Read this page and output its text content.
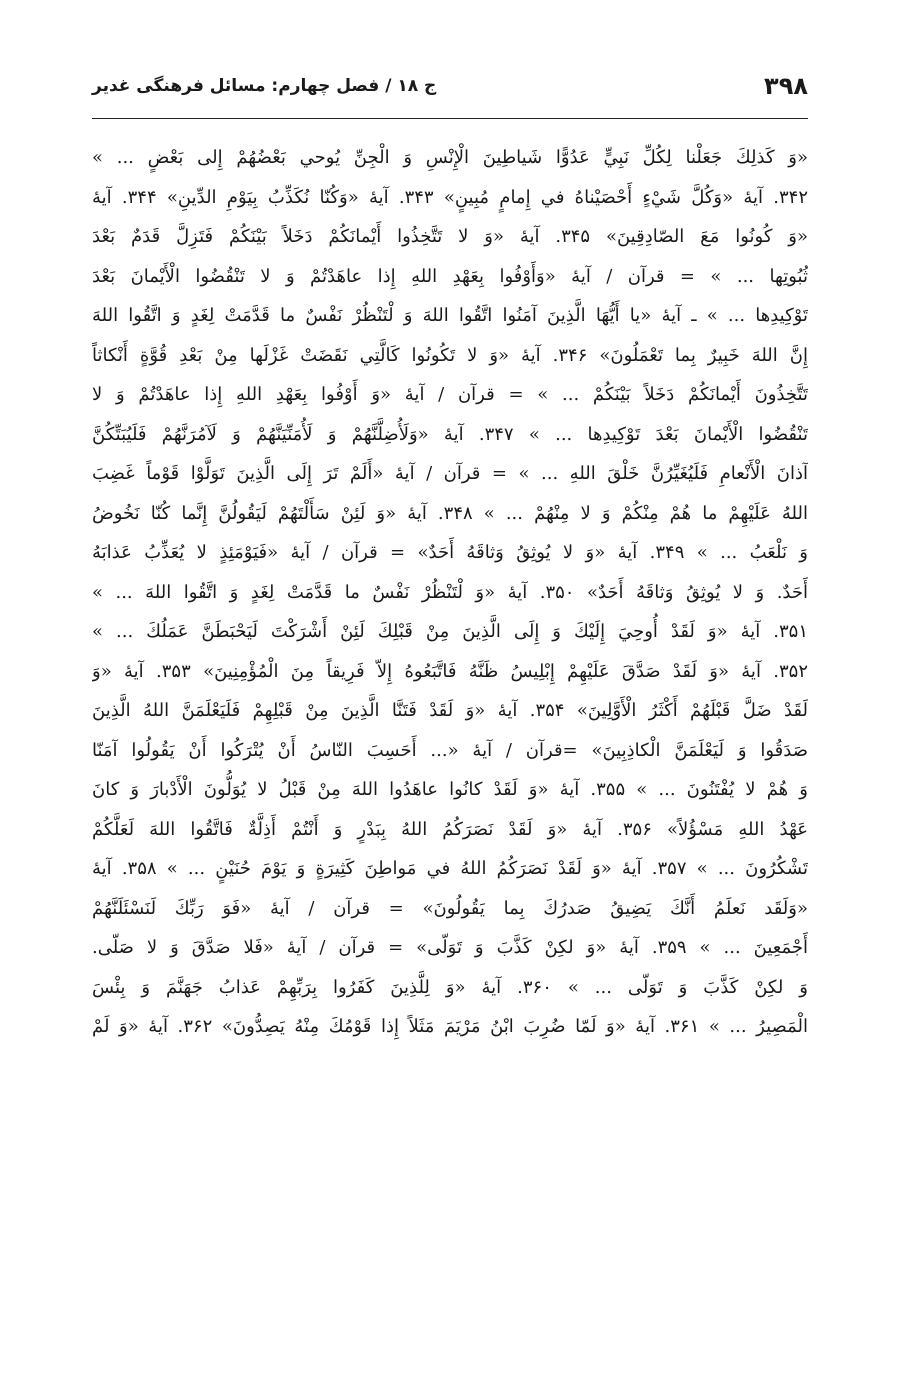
۳۹۸
ج ۱۸ / فصل چهارم: مسائل فرهنگی غدیر
«وَ كَذلِكَ جَعَلْنا لِكُلِّ نَبِيٍّ عَدُوًّا شَياطِينَ الْإِنْسِ وَ الْجِنِّ يُوحي بَعْضُهُمْ إِلى بَعْضٍ ... »
۳۴۲. آيهٔ «وَكُلَّ شَيْءٍ أَحْصَيْناهُ في إِمامٍ مُبِينٍ» ۳۴۳. آيهٔ «وَكُنّا نُكَذِّبُ بِيَوْمِ الدِّينِ» ۳۴۴. آيهٔ
«وَ كُونُوا مَعَ الصّادِقِينَ» ۳۴۵. آيهٔ «وَ لا تَتَّخِذُوا أَيْمانَكُمْ دَخَلاً بَيْنَكُمْ فَتَزِلَّ قَدَمٌ بَعْدَ
ثُبُوتِها ... » = قرآن / آيهٔ «وَأَوْفُوا بِعَهْدِ اللهِ إِذا عاهَدْتُمْ وَ لا تَنْقُضُوا الْأَيْمانَ بَعْدَ
تَوْكِيدِها ... » ـ آيهٔ «يا أَيُّهَا الَّذِينَ آمَنُوا اتَّقُوا اللهَ وَ لْتَنْظُرْ نَفْسٌ ما قَدَّمَتْ لِغَدٍ وَ اتَّقُوا اللهَ
إِنَّ اللهَ خَبِيرٌ بِما تَعْمَلُونَ» ۳۴۶. آيهٔ «وَ لا تَكُونُوا كَالَّتِي نَقَضَتْ غَزْلَها مِنْ بَعْدِ قُوَّةٍ أَنْكاثاً
تَتَّخِذُونَ أَيْمانَكُمْ دَخَلاً بَيْنَكُمْ ... » = قرآن / آيهٔ «وَ أَوْفُوا بِعَهْدِ اللهِ إِذا عاهَدْتُمْ وَ لا
تَنْقُضُوا الْأَيْمانَ بَعْدَ تَوْكِيدِها ... » ۳۴۷. آيهٔ «وَلَأُضِلَّنَّهُمْ وَ لَأُمَنِّيَنَّهُمْ وَ لَآمُرَنَّهُمْ فَلَيُبَتِّكُنَّ
آذانَ الْأَنْعامِ فَلَيُغَيِّرُنَّ خَلْقَ اللهِ ... » = قرآن / آيهٔ «أَلَمْ تَرَ إِلَى الَّذِينَ تَوَلَّوْا قَوْماً غَضِبَ
اللهُ عَلَيْهِمْ ما هُمْ مِنْكُمْ وَ لا مِنْهُمْ ... » ۳۴۸. آيهٔ «وَ لَئِنْ سَأَلْتَهُمْ لَيَقُولُنَّ إِنَّما كُنّا نَخُوضُ
وَ نَلْعَبُ ... » ۳۴۹. آيهٔ «وَ لا يُوثِقُ وَثاقَهُ أَحَدٌ» = قرآن / آيهٔ «فَيَوْمَئِذٍ لا يُعَذِّبُ عَذابَهُ
أَحَدٌ. وَ لا يُوثِقُ وَثاقَهُ أَحَدٌ» ۳۵۰. آيهٔ «وَ لْتَنْظُرْ نَفْسٌ ما قَدَّمَتْ لِغَدٍ وَ اتَّقُوا اللهَ ... »
۳۵۱. آيهٔ «وَ لَقَدْ أُوحِيَ إِلَيْكَ وَ إِلَى الَّذِينَ مِنْ قَبْلِكَ لَئِنْ أَشْرَكْتَ لَيَحْبَطَنَّ عَمَلُكَ ... »
۳۵۲. آيهٔ «وَ لَقَدْ صَدَّقَ عَلَيْهِمْ إِبْلِيسُ ظَنَّهُ فَاتَّبَعُوهُ إِلاّ فَرِيقاً مِنَ الْمُؤْمِنِينَ» ۳۵۳. آيهٔ «وَ
لَقَدْ ضَلَّ قَبْلَهُمْ أَكْثَرُ الْأَوَّلِينَ» ۳۵۴. آيهٔ «وَ لَقَدْ فَتَنَّا الَّذِينَ مِنْ قَبْلِهِمْ فَلَيَعْلَمَنَّ اللهُ الَّذِينَ
صَدَقُوا وَ لَيَعْلَمَنَّ الْكاذِبِينَ» =قرآن / آيهٔ «... أَحَسِبَ النّاسُ أَنْ يُتْرَكُوا أَنْ يَقُولُوا آمَنّا
وَ هُمْ لا يُفْتَنُونَ ... » ۳۵۵. آيهٔ «وَ لَقَدْ كانُوا عاهَدُوا اللهَ مِنْ قَبْلُ لا يُوَلُّونَ الْأَدْبارَ وَ كانَ
عَهْدُ اللهِ مَسْؤُلاً» ۳۵۶. آيهٔ «وَ لَقَدْ نَصَرَكُمُ اللهُ بِبَدْرٍ وَ أَنْتُمْ أَذِلَّةٌ فَاتَّقُوا اللهَ لَعَلَّكُمْ
تَشْكُرُونَ ... » ۳۵۷. آيهٔ «وَ لَقَدْ نَصَرَكُمُ اللهُ في مَواطِنَ كَثِيرَةٍ وَ يَوْمَ حُنَيْنٍ ... » ۳۵۸. آيهٔ
«وَلَقَد نَعلَمُ أَنَّكَ يَضِيقُ صَدرُكَ بِما يَقُولُونَ» = قرآن / آيهٔ «فَوَ رَبِّكَ لَنَسْئَلَنَّهُمْ
أَجْمَعِينَ ... » ۳۵۹. آيهٔ «وَ لكِنْ كَذَّبَ وَ تَوَلّى» = قرآن / آيهٔ «فَلا صَدَّقَ وَ لا صَلّى.
وَ لكِنْ كَذَّبَ وَ تَوَلّى ... » ۳۶۰. آيهٔ «وَ لِلَّذِينَ كَفَرُوا بِرَبِّهِمْ عَذابُ جَهَنَّمَ وَ بِئْسَ
الْمَصِيرُ ... » ۳۶۱. آيهٔ «وَ لَمّا ضُرِبَ ابْنُ مَرْيَمَ مَثَلاً إِذا قَوْمُكَ مِنْهُ يَصِدُّونَ» ۳۶۲. آيهٔ «وَ لَمْ
